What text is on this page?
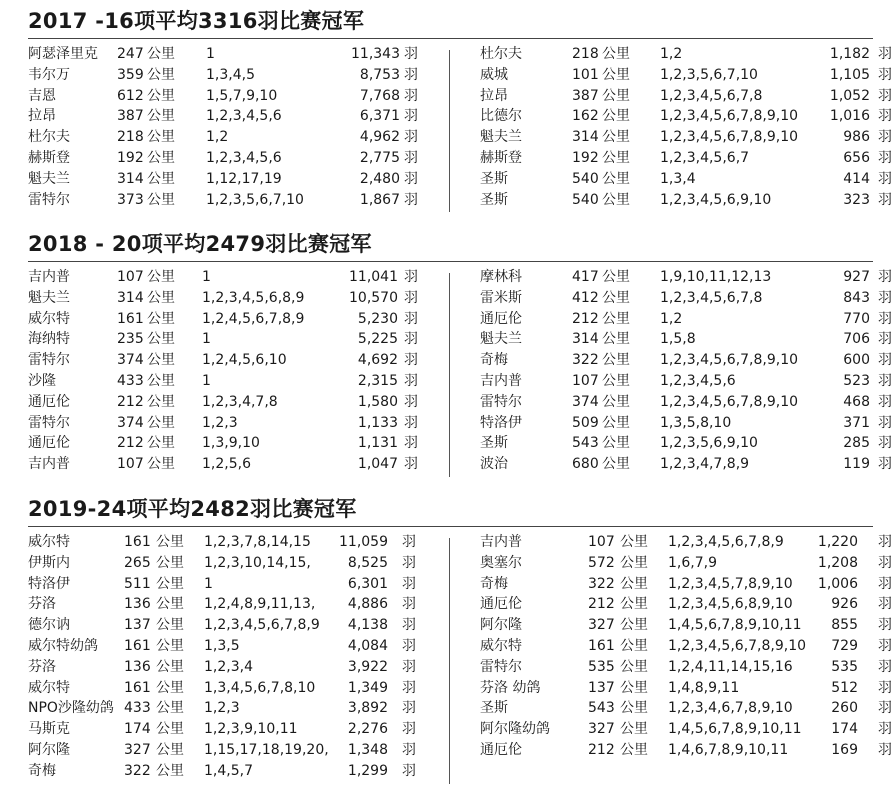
2017 -16项平均3316羽比赛冠军
阿瑟泽里克 247 公里 1	11,343 羽
韦尔万	359 公里 1,3,4,5	8,753 羽
吉恩	612 公里 1,5,7,9,10	7,768 羽
拉昂	387 公里 1,2,3,4,5,6	6,371 羽
杜尔夫	218 公里 1,2	4,962 羽
赫斯登	192 公里 1,2,3,4,5,6	2,775 羽
魁夫兰	314 公里 1,12,17,19	2,480 羽
雷特尔	373 公里 1,2,3,5,6,7,10	1,867 羽
杜尔夫	218 公里 1,2	1,182 羽
威城	101 公里 1,2,3,5,6,7,10	1,105 羽
拉昂	387 公里 1,2,3,4,5,6,7,8	1,052 羽
比德尔	162 公里 1,2,3,4,5,6,7,8,9,10 1,016 羽
魁夫兰	314 公里 1,2,3,4,5,6,7,8,9,10	986 羽
赫斯登	192 公里 1,2,3,4,5,6,7	656 羽
圣斯	540 公里 1,3,4	414 羽
圣斯	540 公里 1,2,3,4,5,6,9,10	323 羽
2018 - 20项平均2479羽比赛冠军
吉内普	107 公里 1	11,041 羽
魁夫兰	314 公里 1,2,3,4,5,6,8,9	10,570 羽
威尔特	161 公里 1,2,4,5,6,7,8,9	5,230 羽
海纳特	235 公里 1	5,225 羽
雷特尔	374 公里 1,2,4,5,6,10	4,692 羽
沙隆	433 公里 1	2,315 羽
通厄伦	212 公里 1,2,3,4,7,8	1,580 羽
雷特尔	374 公里 1,2,3	1,133 羽
通厄伦	212 公里 1,3,9,10	1,131 羽
吉内普	107 公里 1,2,5,6	1,047 羽
摩林科	417 公里 1,9,10,11,12,13	927 羽
雷米斯	412 公里 1,2,3,4,5,6,7,8	843 羽
通厄伦	212 公里 1,2	770 羽
魁夫兰	314 公里 1,5,8	706 羽
奇梅	322 公里 1,2,3,4,5,6,7,8,9,10	600 羽
吉内普	107 公里 1,2,3,4,5,6	523 羽
雷特尔	374 公里 1,2,3,4,5,6,7,8,9,10	468 羽
特洛伊	509 公里 1,3,5,8,10	371 羽
圣斯	543 公里 1,2,3,5,6,9,10	285 羽
波治	680 公里 1,2,3,4,7,8,9	119 羽
2019-24项平均2482羽比赛冠军
威尔特	161 公里 1,2,3,7,8,14,15 11,059 羽
伊斯内	265 公里 1,2,3,10,14,15,	8,525 羽
特洛伊	511 公里 1	6,301 羽
芬洛	136 公里 1,2,4,8,9,11,13, 4,886 羽
德尔讷	137 公里 1,2,3,4,5,6,7,8,9 4,138 羽
威尔特幼鸽 161 公里 1,3,5	4,084 羽
芬洛	136 公里 1,2,3,4	3,922 羽
威尔特	161 公里 1,3,4,5,6,7,8,10 1,349 羽
NPO沙隆幼鸽 433 公里 1,2,3	3,892 羽
马斯克	174 公里 1,2,3,9,10,11	2,276 羽
阿尔隆	327 公里 1,15,17,18,19,20, 1,348 羽
奇梅	322 公里 1,4,5,7	1,299 羽
吉内普	107 公里 1,2,3,4,5,6,7,8,9 1,220 羽
奥塞尔	572 公里 1,6,7,9	1,208 羽
奇梅	322 公里 1,2,3,4,5,7,8,9,10 1,006 羽
通厄伦	212 公里 1,2,3,4,5,6,8,9,10	926 羽
阿尔隆	327 公里 1,4,5,6,7,8,9,10,11 855 羽
威尔特	161 公里 1,2,3,4,5,6,7,8,9,10 729 羽
雷特尔	535 公里 1,2,4,11,14,15,16	535 羽
芬洛 幼鸽	137 公里 1,4,8,9,11	512 羽
圣斯	543 公里 1,2,3,4,6,7,8,9,10	260 羽
阿尔隆幼鸽	327 公里 1,4,5,6,7,8,9,10,11 174 羽
通厄伦	212 公里 1,4,6,7,8,9,10,11	169 羽
